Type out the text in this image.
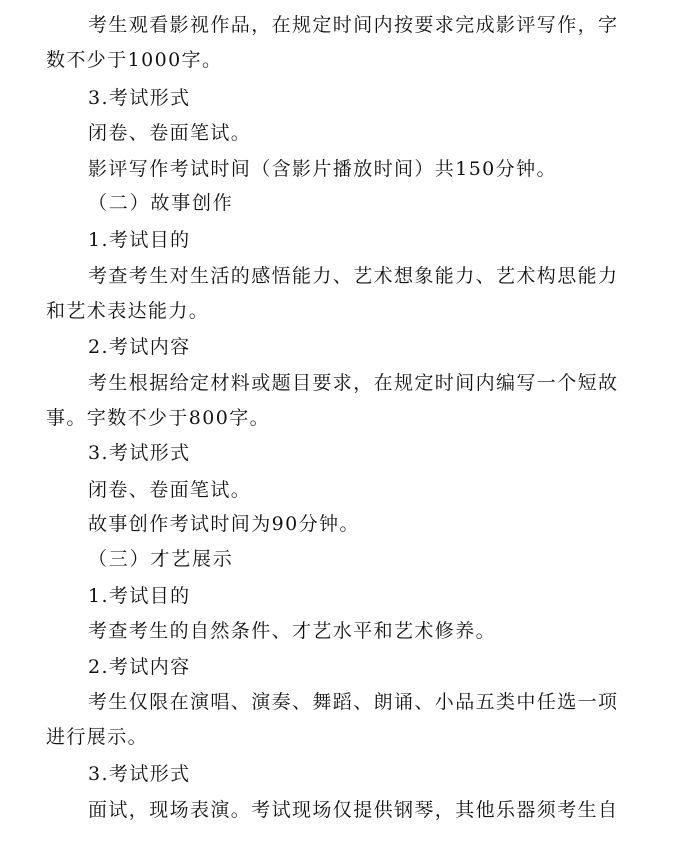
考生观看影视作品，在规定时间内按要求完成影评写作，字
数不少于1000字。
3.考试形式
闭卷、卷面笔试。
影评写作考试时间（含影片播放时间）共150分钟。
（二）故事创作
1.考试目的
考查考生对生活的感悟能力、艺术想象能力、艺术构思能力
和艺术表达能力。
2.考试内容
考生根据给定材料或题目要求，在规定时间内编写一个短故
事。字数不少于800字。
3.考试形式
闭卷、卷面笔试。
故事创作考试时间为90分钟。
（三）才艺展示
1.考试目的
考查考生的自然条件、才艺水平和艺术修养。
2.考试内容
考生仅限在演唱、演奏、舞蹈、朗诵、小品五类中任选一项
进行展示。
3.考试形式
面试，现场表演。考试现场仅提供钢琴，其他乐器须考生自
